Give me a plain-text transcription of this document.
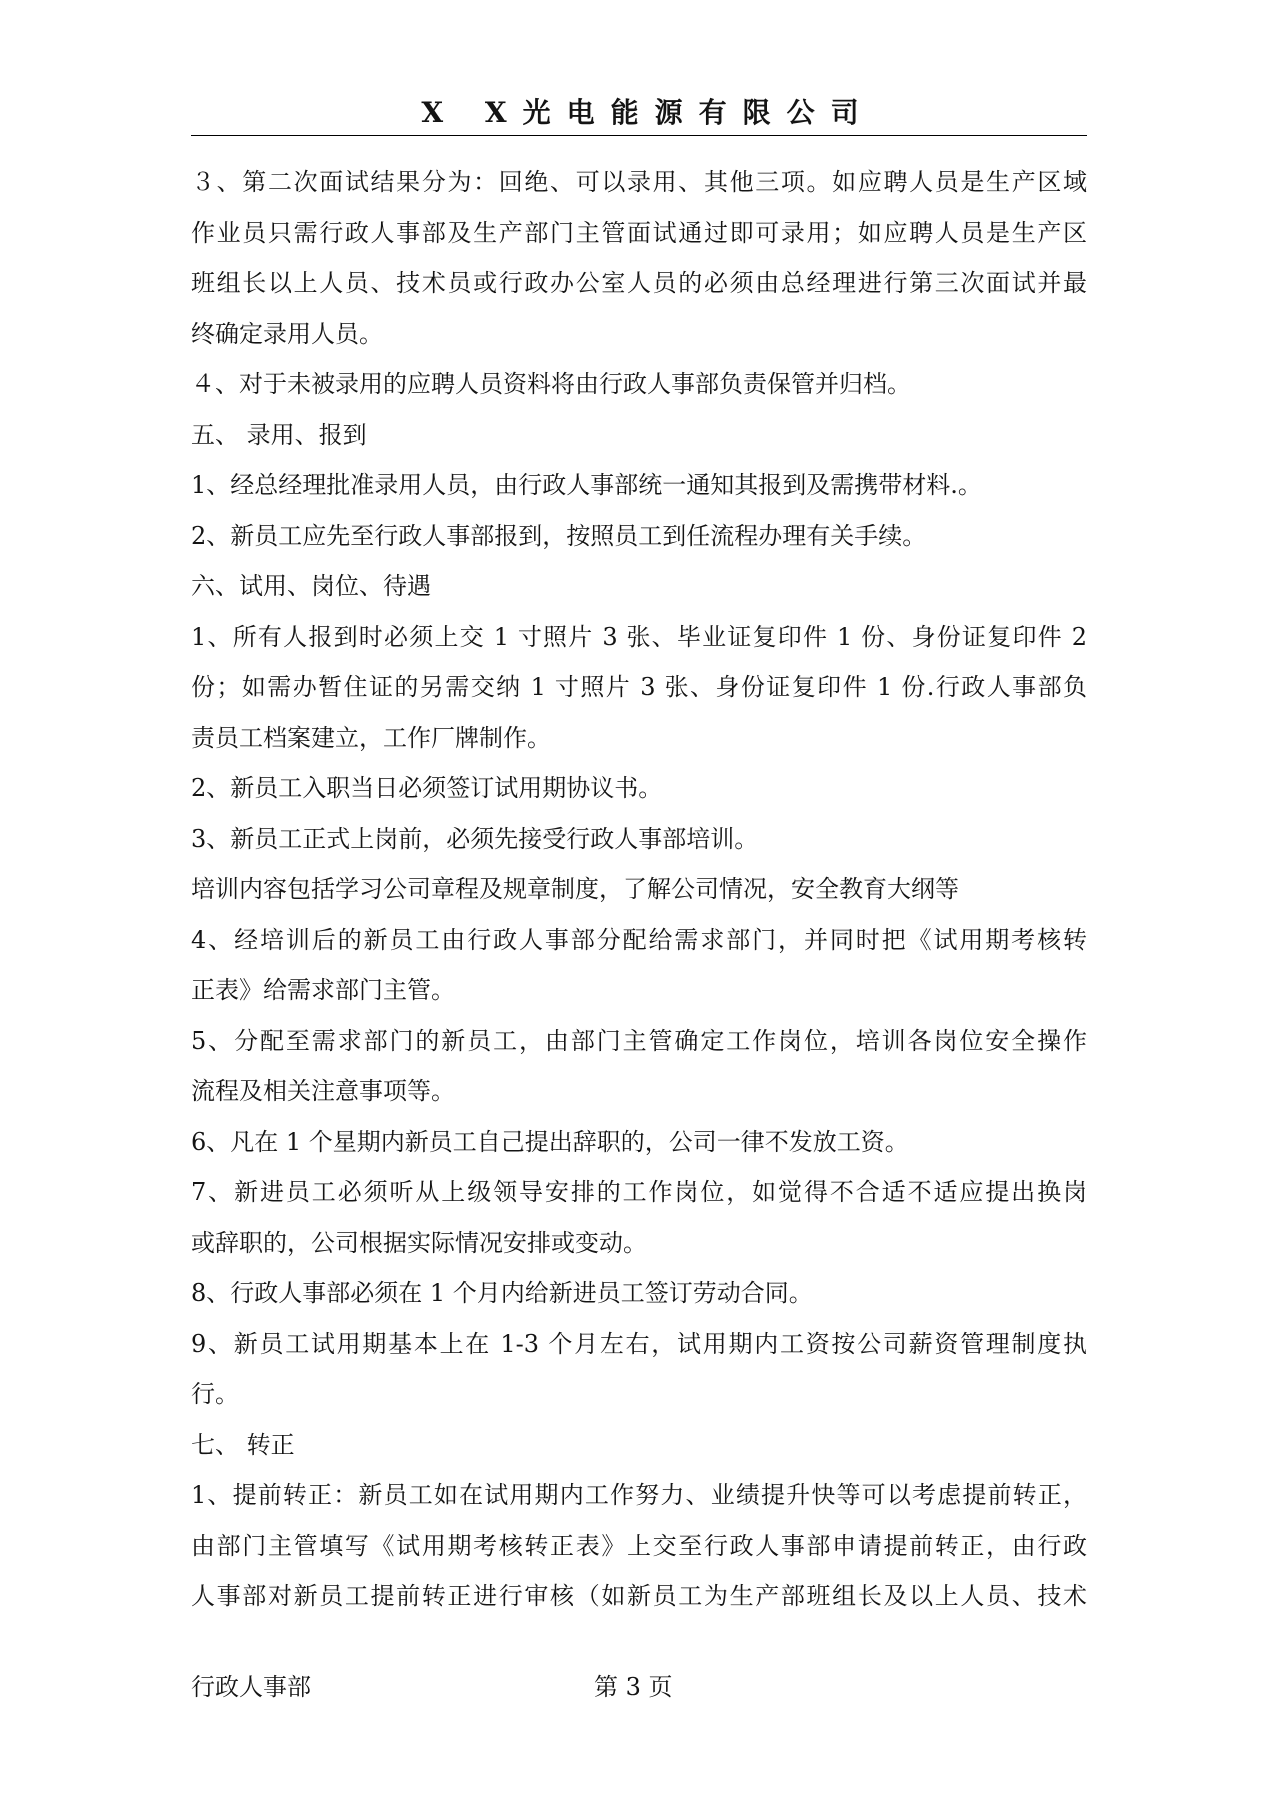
X X光电能源有限公司
３、第二次面试结果分为：回绝、可以录用、其他三项。如应聘人员是生产区域
作业员只需行政人事部及生产部门主管面试通过即可录用；如应聘人员是生产区
班组长以上人员、技术员或行政办公室人员的必须由总经理进行第三次面试并最
终确定录用人员。
４、对于未被录用的应聘人员资料将由行政人事部负责保管并归档。
五、 录用、报到
1、经总经理批准录用人员，由行政人事部统一通知其报到及需携带材料.。
2、新员工应先至行政人事部报到，按照员工到任流程办理有关手续。
六、试用、岗位、待遇
1、所有人报到时必须上交 1 寸照片 3 张、毕业证复印件 1 份、身份证复印件 2
份；如需办暂住证的另需交纳 1 寸照片 3 张、身份证复印件 1 份.行政人事部负
责员工档案建立，工作厂牌制作。
2、新员工入职当日必须签订试用期协议书。
3、新员工正式上岗前，必须先接受行政人事部培训。
培训内容包括学习公司章程及规章制度，了解公司情况，安全教育大纲等
4、经培训后的新员工由行政人事部分配给需求部门，并同时把《试用期考核转
正表》给需求部门主管。
5、分配至需求部门的新员工，由部门主管确定工作岗位，培训各岗位安全操作
流程及相关注意事项等。
6、凡在 1 个星期内新员工自己提出辞职的，公司一律不发放工资。
7、新进员工必须听从上级领导安排的工作岗位，如觉得不合适不适应提出换岗
或辞职的，公司根据实际情况安排或变动。
8、行政人事部必须在 1 个月内给新进员工签订劳动合同。
9、新员工试用期基本上在 1-3 个月左右，试用期内工资按公司薪资管理制度执
行。
七、 转正
1、提前转正：新员工如在试用期内工作努力、业绩提升快等可以考虑提前转正，
由部门主管填写《试用期考核转正表》上交至行政人事部申请提前转正，由行政
人事部对新员工提前转正进行审核（如新员工为生产部班组长及以上人员、技术
行政人事部	第 3 页
